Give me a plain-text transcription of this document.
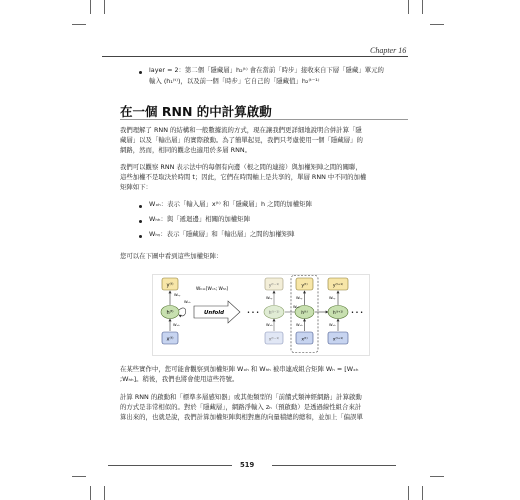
Chapter 16
layer = 2：第二個「隱藏層」h₂⁽ᵗ⁾ 會在當前「時步」接收來自下層「隱藏」單元的
輸入 (h₁⁽ᵗ⁾)，以及前一個「時步」它自己的「隱藏值」h₂⁽ᵗ⁻¹⁾
在一個 RNN 的中計算啟動
我們理解了 RNN 的結構和一般數據流的方式，現在讓我們更詳細地說明合併計算「隱
藏層」以及「輸出層」的實際啟動。為了簡單起見，我們只考慮使用一個「隱藏層」的
網路，然而，相同的觀念也適用於多層 RNN。
我們可以觀察 RNN 表示法中的每個有向邊（根之間的連接）與加權矩陣之間的關聯，
這些加權不是取決於時間 t；因此，它們在時間軸上是共享的，單層 RNN 中不同的加權
矩陣如下：
Wₓₕ：表示「輸入層」x⁽ᵗ⁾ 和「隱藏層」h 之間的加權矩陣
Wₕₕ：與「遞迴邊」相關的加權矩陣
Wₕᵧ：表示「隱藏層」和「輸出層」之間的加權矩陣
您可以在下圖中看到這些加權矩陣：
y⁽ᵗ⁾
h⁽ᵗ⁾
x⁽ᵗ⁾
Wₕᵧ
Wₕₕ
Wₓₕ
Wₕ=[Wₓₕ; Wₕₕ]
Unfold	• • •
y⁽ᵗ⁻¹⁾
h⁽ᵗ⁻¹⁾
x⁽ᵗ⁻¹⁾
Wₕᵧ
Wₓₕ
y⁽ᵗ⁾
h⁽ᵗ⁾
x⁽ᵗ⁾
Wₕᵧ
Wₕₕ
Wₓₕ
y⁽ᵗ⁺¹⁾
h⁽ᵗ⁺¹⁾
x⁽ᵗ⁺¹⁾
Wₕᵧ
Wₓₕ
• • •
在某些實作中，您可能會觀察到加權矩陣 Wₓₕ 和 Wₕₕ 被串連成組合矩陣 Wₕ = [Wₓₕ
;Wₕₕ]。稍後，我們也將會使用這些符號。
計算 RNN 的啟動和「標準多層感知器」或其他類型的「前饋式類神經網路」計算啟動
的方式是非常相似的。對於「隱藏層」，網路淨輸入 zₕ（預啟動）是透過線性組合來計
算出來的，也就是說，我們計算加權矩陣與相對應的向量積總的總和，並加上「偏誤單
519
